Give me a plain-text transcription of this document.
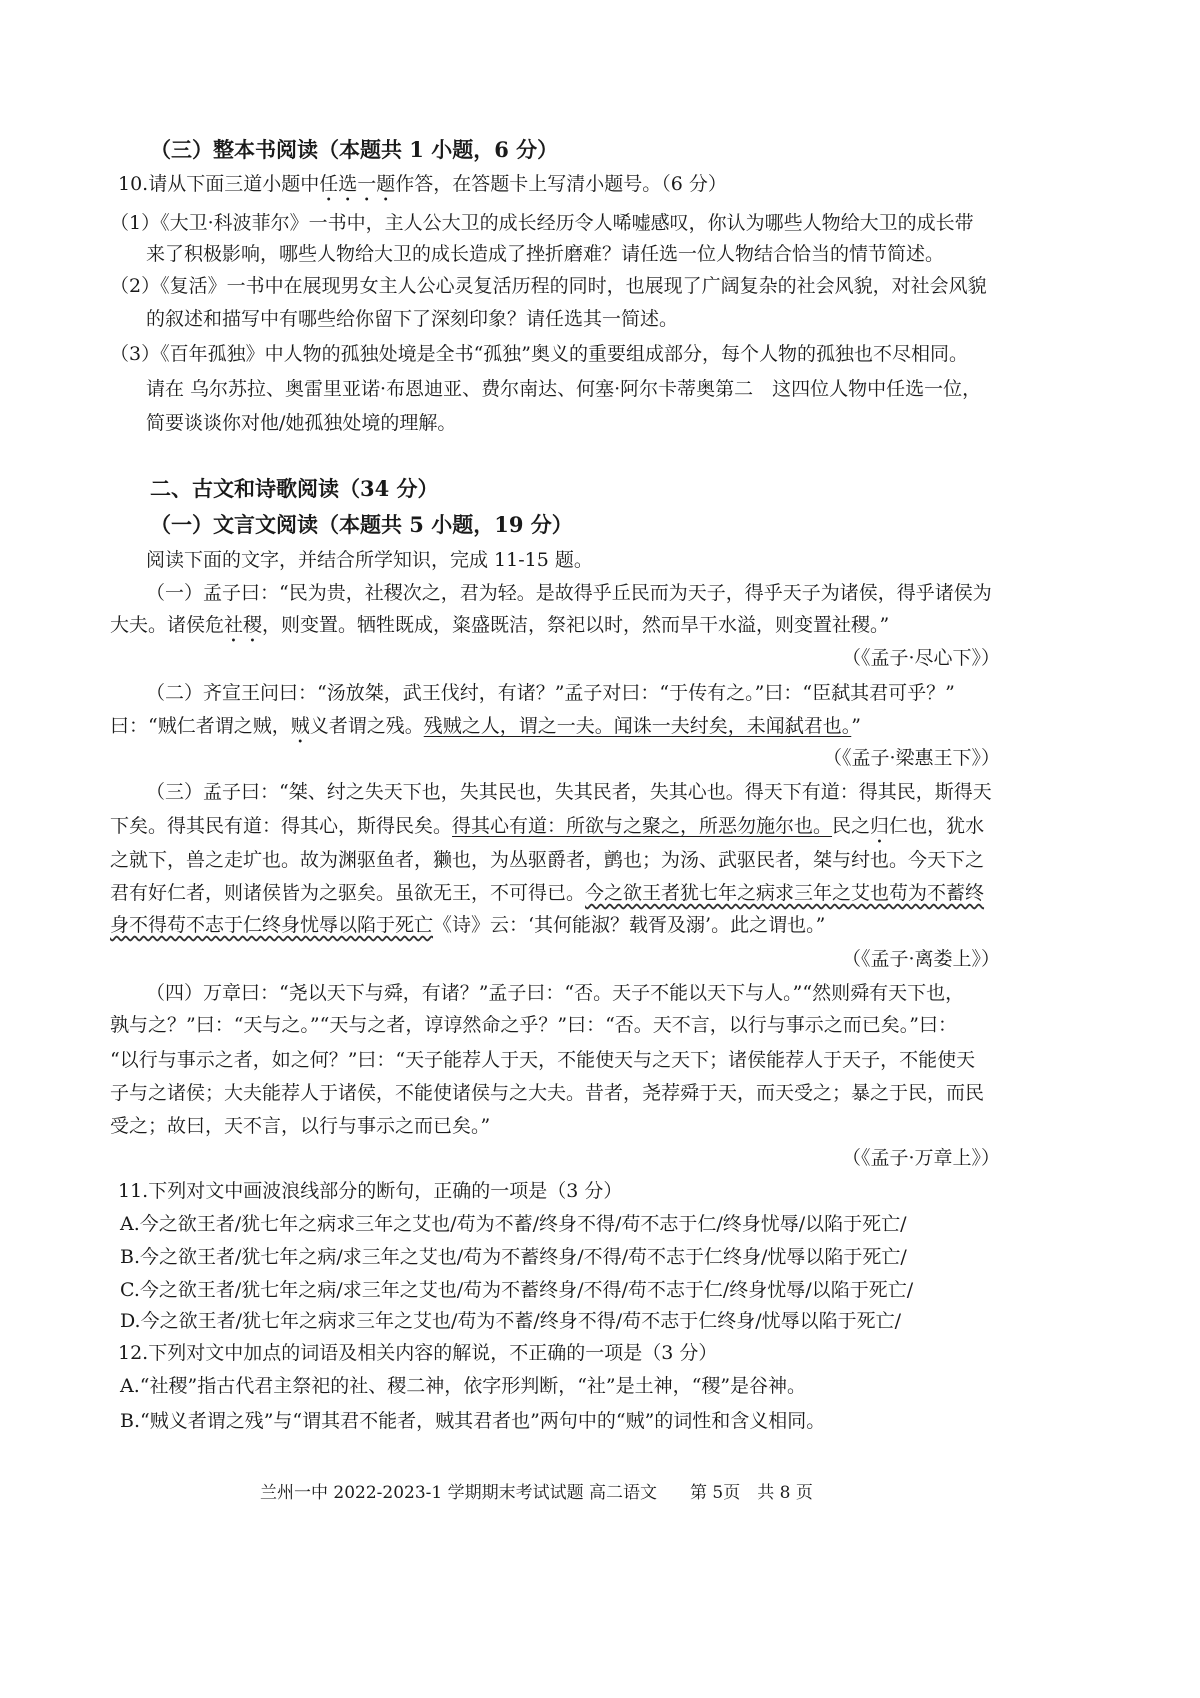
（三）整本书阅读（本题共 1 小题，6 分）
10.请从下面三道小题中任选一题作答，在答题卡上写清小题号。（6 分）
（1）《大卫·科波菲尔》一书中，主人公大卫的成长经历令人唏嘘感叹，你认为哪些人物给大卫的成长带
来了积极影响，哪些人物给大卫的成长造成了挫折磨难？请任选一位人物结合恰当的情节简述。
（2）《复活》一书中在展现男女主人公心灵复活历程的同时，也展现了广阔复杂的社会风貌，对社会风貌
的叙述和描写中有哪些给你留下了深刻印象？请任选其一简述。
（3）《百年孤独》中人物的孤独处境是全书“孤独”奥义的重要组成部分，每个人物的孤独也不尽相同。
请在 乌尔苏拉、奥雷里亚诺·布恩迪亚、费尔南达、何塞·阿尔卡蒂奥第二　这四位人物中任选一位，
简要谈谈你对他/她孤独处境的理解。
二、古文和诗歌阅读（34 分）
（一）文言文阅读（本题共 5 小题，19 分）
阅读下面的文字，并结合所学知识，完成 11-15 题。
（一）孟子曰：“民为贵，社稷次之，君为轻。是故得乎丘民而为天子，得乎天子为诸侯，得乎诸侯为
大夫。诸侯危社稷，则变置。牺牲既成，粢盛既洁，祭祀以时，然而旱干水溢，则变置社稷。”
（《孟子·尽心下》）
（二）齐宣王问曰：“汤放桀，武王伐纣，有诸？”孟子对曰：“于传有之。”曰：“臣弑其君可乎？”
曰：“贼仁者谓之贼，贼义者谓之残。残贼之人，谓之一夫。闻诛一夫纣矣，未闻弑君也。”
（《孟子·梁惠王下》）
（三）孟子曰：“桀、纣之失天下也，失其民也，失其民者，失其心也。得天下有道：得其民，斯得天
下矣。得其民有道：得其心，斯得民矣。得其心有道：所欲与之聚之，所恶勿施尔也。民之归仁也，犹水
之就下，兽之走圹也。故为渊驱鱼者，獭也，为丛驱爵者，鹯也；为汤、武驱民者，桀与纣也。今天下之
君有好仁者，则诸侯皆为之驱矣。虽欲无王，不可得已。今之欲王者犹七年之病求三年之艾也苟为不蓄终
身不得苟不志于仁终身忧辱以陷于死亡《诗》云：‘其何能淑？载胥及溺’。此之谓也。”
（《孟子·离娄上》）
（四）万章曰：“尧以天下与舜，有诸？”孟子曰：“否。天子不能以天下与人。”“然则舜有天下也，
孰与之？”曰：“天与之。”“天与之者，谆谆然命之乎？”曰：“否。天不言，以行与事示之而已矣。”曰：
“以行与事示之者，如之何？”曰：“天子能荐人于天，不能使天与之天下；诸侯能荐人于天子，不能使天
子与之诸侯；大夫能荐人于诸侯，不能使诸侯与之大夫。昔者，尧荐舜于天，而天受之；暴之于民，而民
受之；故曰，天不言，以行与事示之而已矣。”
（《孟子·万章上》）
11.下列对文中画波浪线部分的断句，正确的一项是（3 分）
A.今之欲王者/犹七年之病求三年之艾也/苟为不蓄/终身不得/苟不志于仁/终身忧辱/以陷于死亡/
B.今之欲王者/犹七年之病/求三年之艾也/苟为不蓄终身/不得/苟不志于仁终身/忧辱以陷于死亡/
C.今之欲王者/犹七年之病/求三年之艾也/苟为不蓄终身/不得/苟不志于仁/终身忧辱/以陷于死亡/
D.今之欲王者/犹七年之病求三年之艾也/苟为不蓄/终身不得/苟不志于仁终身/忧辱以陷于死亡/
12.下列对文中加点的词语及相关内容的解说，不正确的一项是（3 分）
A.“社稷”指古代君主祭祀的社、稷二神，依字形判断，“社”是土神，“稷”是谷神。
B.“贼义者谓之残”与“谓其君不能者，贼其君者也”两句中的“贼”的词性和含义相同。
兰州一中 2022-2023-1 学期期末考试试题 高二语文 第 5页　共 8 页
